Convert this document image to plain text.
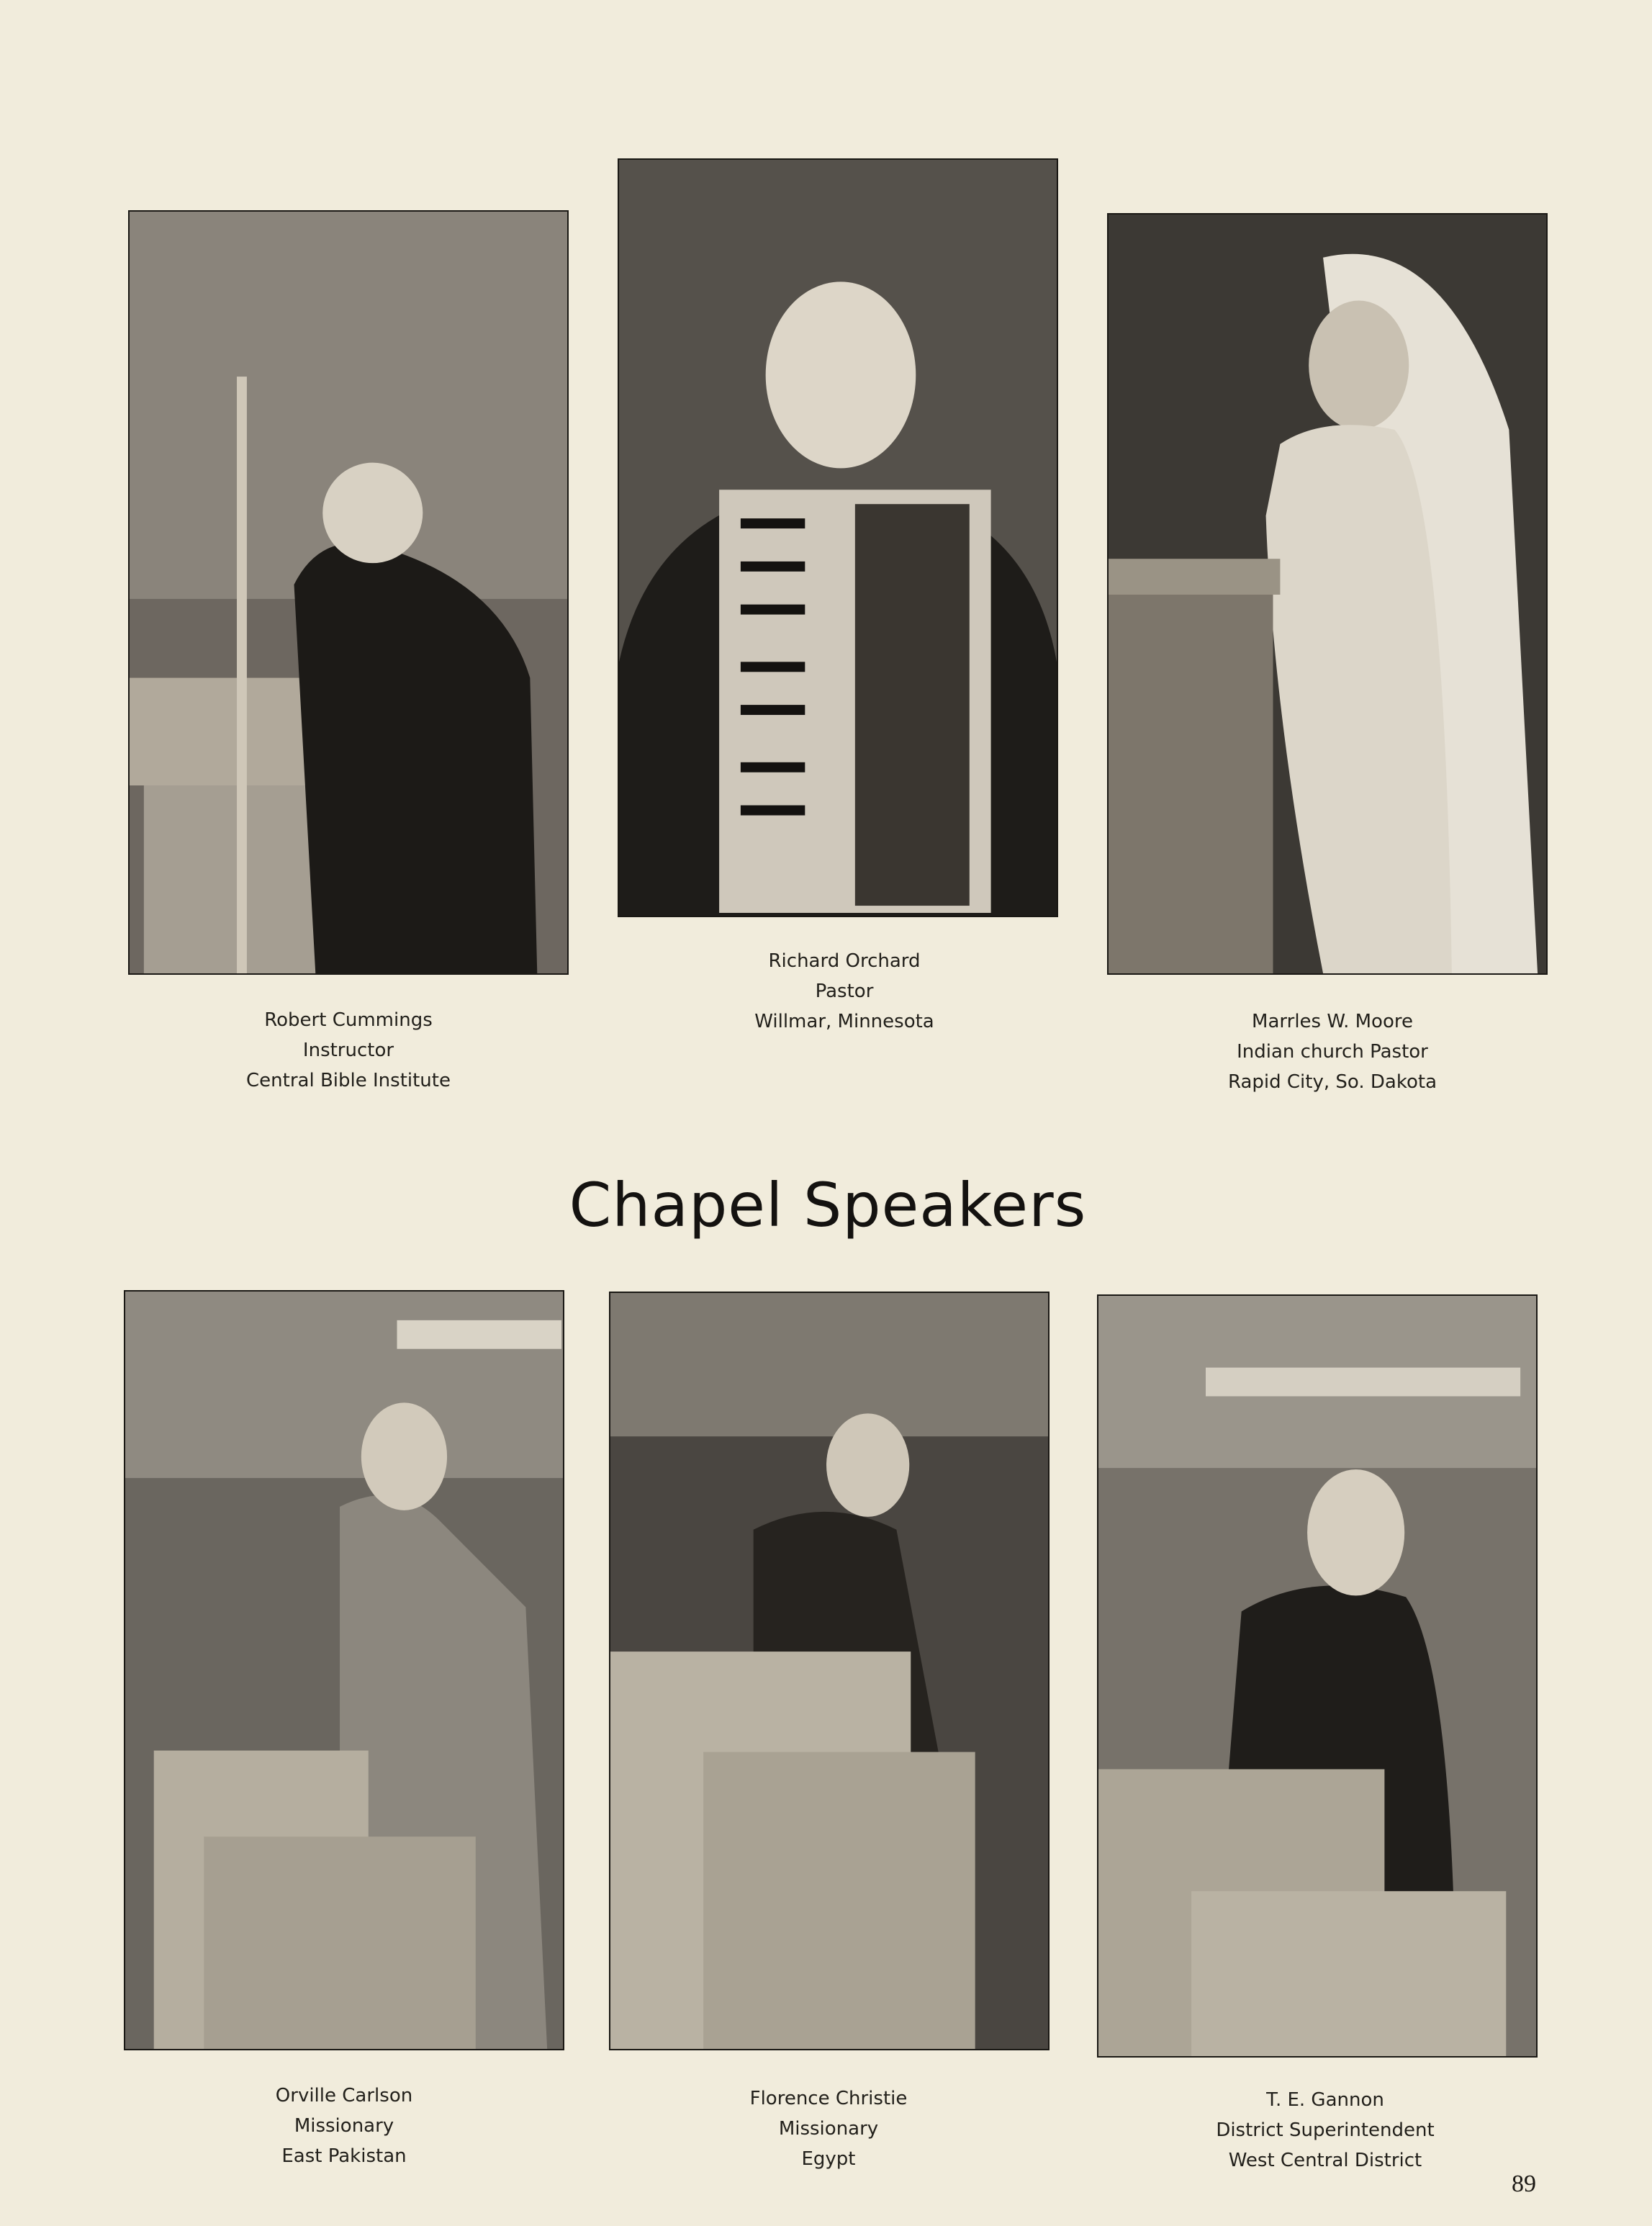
Robert Cummings
Instructor
Central Bible Institute
Richard Orchard
Pastor
Willmar, Minnesota	Marrles W. Moore
Indian church Pastor
Rapid City, So. Dakota
Chapel Speakers
Orville Carlson
Missionary
East Pakistan
Florence Christie
Missionary
Egypt
T. E. Gannon
District Superintendent
West Central District
89
